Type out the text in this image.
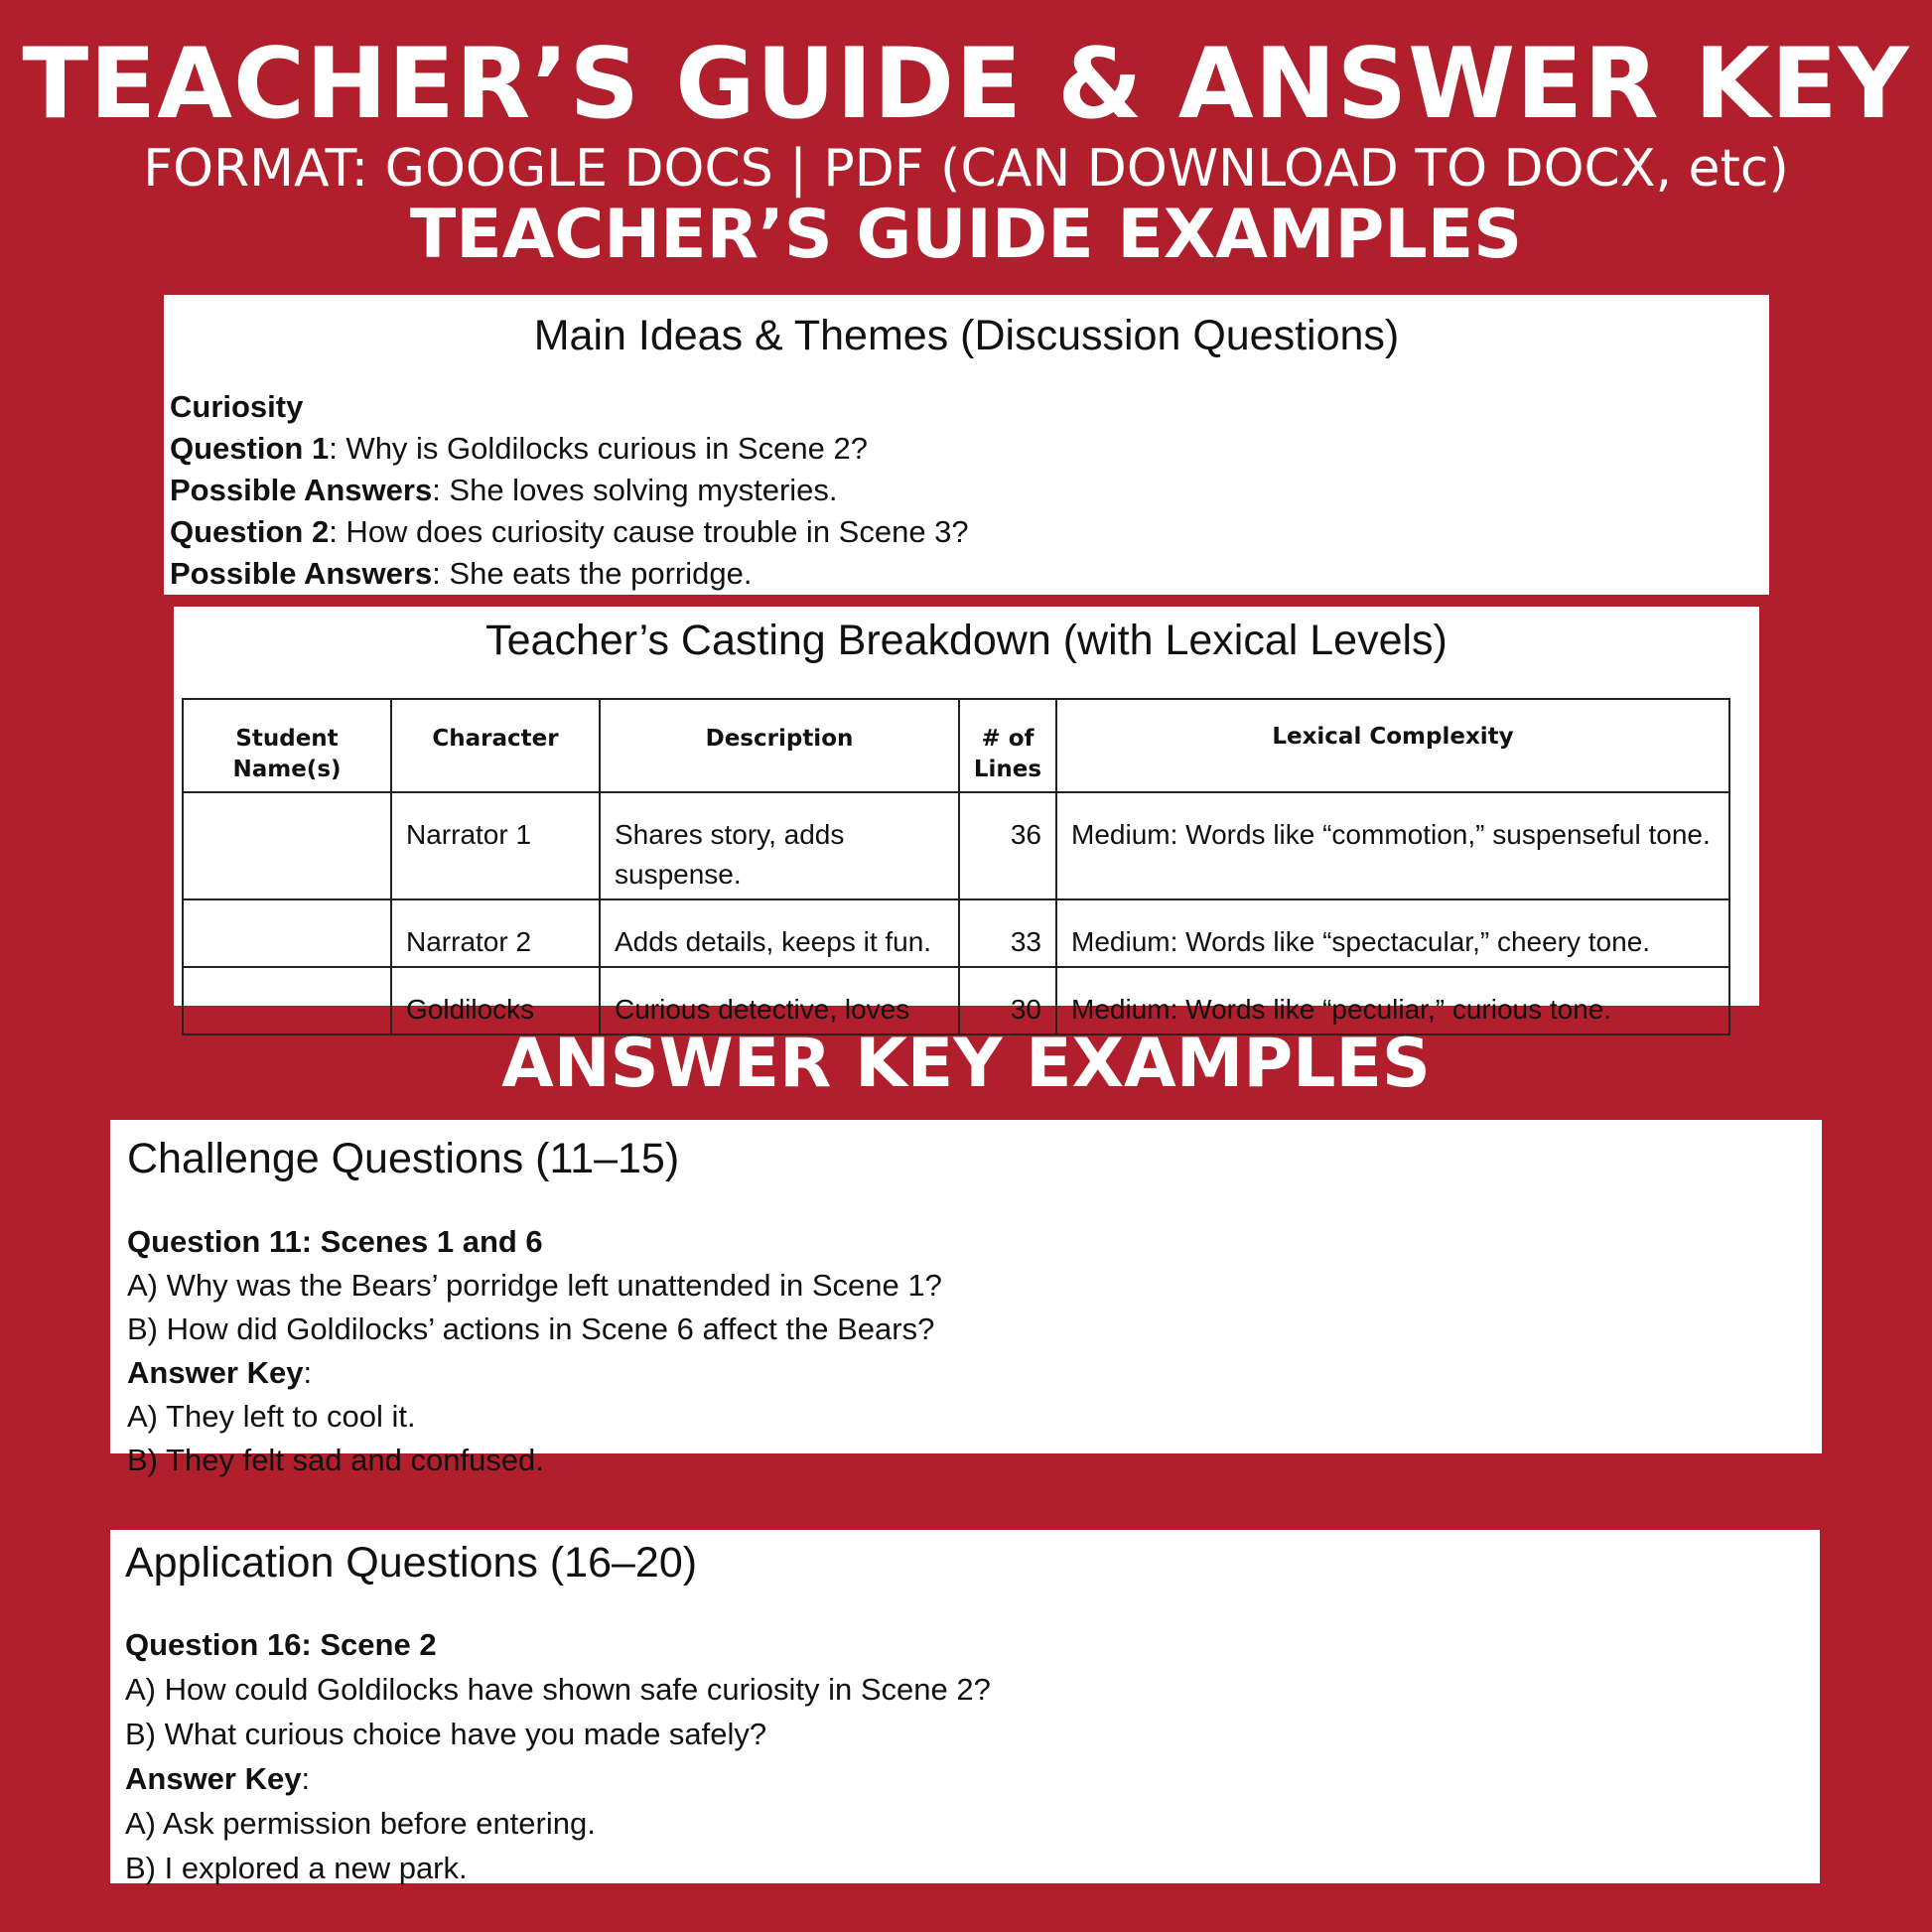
TEACHER’S GUIDE & ANSWER KEY
FORMAT: GOOGLE DOCS | PDF (CAN DOWNLOAD TO DOCX, etc)
TEACHER’S GUIDE EXAMPLES
Main Ideas & Themes (Discussion Questions)
Curiosity
Question 1: Why is Goldilocks curious in Scene 2?
Possible Answers: She loves solving mysteries.
Question 2: How does curiosity cause trouble in Scene 3?
Possible Answers: She eats the porridge.
Teacher’s Casting Breakdown (with Lexical Levels)
Student Name(s)	Character	Description	# of Lines	Lexical Complexity
	Narrator 1	Shares story, adds suspense.	36	Medium: Words like “commotion,” suspenseful tone.
	Narrator 2	Adds details, keeps it fun.	33	Medium: Words like “spectacular,” cheery tone.
	Goldilocks	Curious detective, loves	30	Medium: Words like “peculiar,” curious tone.
ANSWER KEY EXAMPLES
Challenge Questions (11–15)
Question 11: Scenes 1 and 6
A) Why was the Bears’ porridge left unattended in Scene 1?
B) How did Goldilocks’ actions in Scene 6 affect the Bears?
Answer Key:
A) They left to cool it.
B) They felt sad and confused.
Application Questions (16–20)
Question 16: Scene 2
A) How could Goldilocks have shown safe curiosity in Scene 2?
B) What curious choice have you made safely?
Answer Key:
A) Ask permission before entering.
B) I explored a new park.
